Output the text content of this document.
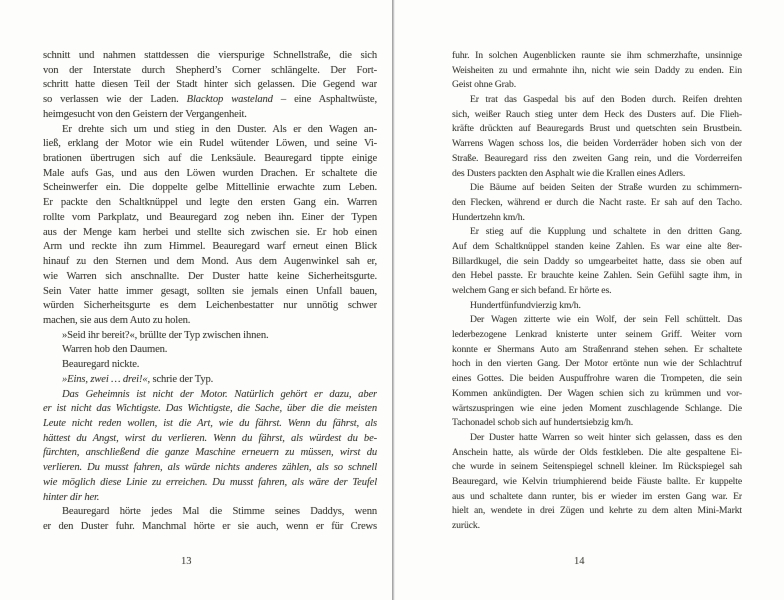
schnitt und nahmen stattdessen die vierspurige Schnellstraße, die sich
von der Interstate durch Shepherd’s Corner schlängelte. Der Fort-
schritt hatte diesen Teil der Stadt hinter sich gelassen. Die Gegend war
so verlassen wie der Laden. Blacktop wasteland – eine Asphaltwüste,
heimgesucht von den Geistern der Vergangenheit.
Er drehte sich um und stieg in den Duster. Als er den Wagen an-
ließ, erklang der Motor wie ein Rudel wütender Löwen, und seine Vi-
brationen übertrugen sich auf die Lenksäule. Beauregard tippte einige
Male aufs Gas, und aus den Löwen wurden Drachen. Er schaltete die
Scheinwerfer ein. Die doppelte gelbe Mittellinie erwachte zum Leben.
Er packte den Schaltknüppel und legte den ersten Gang ein. Warren
rollte vom Parkplatz, und Beauregard zog neben ihn. Einer der Typen
aus der Menge kam herbei und stellte sich zwischen sie. Er hob einen
Arm und reckte ihn zum Himmel. Beauregard warf erneut einen Blick
hinauf zu den Sternen und dem Mond. Aus dem Augenwinkel sah er,
wie Warren sich anschnallte. Der Duster hatte keine Sicherheitsgurte.
Sein Vater hatte immer gesagt, sollten sie jemals einen Unfall bauen,
würden Sicherheitsgurte es dem Leichenbestatter nur unnötig schwer
machen, sie aus dem Auto zu holen.
»Seid ihr bereit?«, brüllte der Typ zwischen ihnen.
Warren hob den Daumen.
Beauregard nickte.
»Eins, zwei … drei!«, schrie der Typ.
Das Geheimnis ist nicht der Motor. Natürlich gehört er dazu, aber
er ist nicht das Wichtigste. Das Wichtigste, die Sache, über die die meisten
Leute nicht reden wollen, ist die Art, wie du fährst. Wenn du fährst, als
hättest du Angst, wirst du verlieren. Wenn du fährst, als würdest du be-
fürchten, anschließend die ganze Maschine erneuern zu müssen, wirst du
verlieren. Du musst fahren, als würde nichts anderes zählen, als so schnell
wie möglich diese Linie zu erreichen. Du musst fahren, als wäre der Teufel
hinter dir her.
Beauregard hörte jedes Mal die Stimme seines Daddys, wenn
er den Duster fuhr. Manchmal hörte er sie auch, wenn er für Crews
fuhr. In solchen Augenblicken raunte sie ihm schmerzhafte, unsinnige
Weisheiten zu und ermahnte ihn, nicht wie sein Daddy zu enden. Ein
Geist ohne Grab.
Er trat das Gaspedal bis auf den Boden durch. Reifen drehten
sich, weißer Rauch stieg unter dem Heck des Dusters auf. Die Flieh-
kräfte drückten auf Beauregards Brust und quetschten sein Brustbein.
Warrens Wagen schoss los, die beiden Vorderräder hoben sich von der
Straße. Beauregard riss den zweiten Gang rein, und die Vorderreifen
des Dusters packten den Asphalt wie die Krallen eines Adlers.
Die Bäume auf beiden Seiten der Straße wurden zu schimmern-
den Flecken, während er durch die Nacht raste. Er sah auf den Tacho.
Hundertzehn km/h.
Er stieg auf die Kupplung und schaltete in den dritten Gang.
Auf dem Schaltknüppel standen keine Zahlen. Es war eine alte 8er-
Billardkugel, die sein Daddy so umgearbeitet hatte, dass sie oben auf
den Hebel passte. Er brauchte keine Zahlen. Sein Gefühl sagte ihm, in
welchem Gang er sich befand. Er hörte es.
Hundertfünfundvierzig km/h.
Der Wagen zitterte wie ein Wolf, der sein Fell schüttelt. Das
lederbezogene Lenkrad knisterte unter seinem Griff. Weiter vorn
konnte er Shermans Auto am Straßenrand stehen sehen. Er schaltete
hoch in den vierten Gang. Der Motor ertönte nun wie der Schlachtruf
eines Gottes. Die beiden Auspuffrohre waren die Trompeten, die sein
Kommen ankündigten. Der Wagen schien sich zu krümmen und vor-
wärtszuspringen wie eine jeden Moment zuschlagende Schlange. Die
Tachonadel schob sich auf hundertsiebzig km/h.
Der Duster hatte Warren so weit hinter sich gelassen, dass es den
Anschein hatte, als würde der Olds festkleben. Die alte gespaltene Ei-
che wurde in seinem Seitenspiegel schnell kleiner. Im Rückspiegel sah
Beauregard, wie Kelvin triumphierend beide Fäuste ballte. Er kuppelte
aus und schaltete dann runter, bis er wieder im ersten Gang war. Er
hielt an, wendete in drei Zügen und kehrte zu dem alten Mini-Markt
zurück.
13	14
